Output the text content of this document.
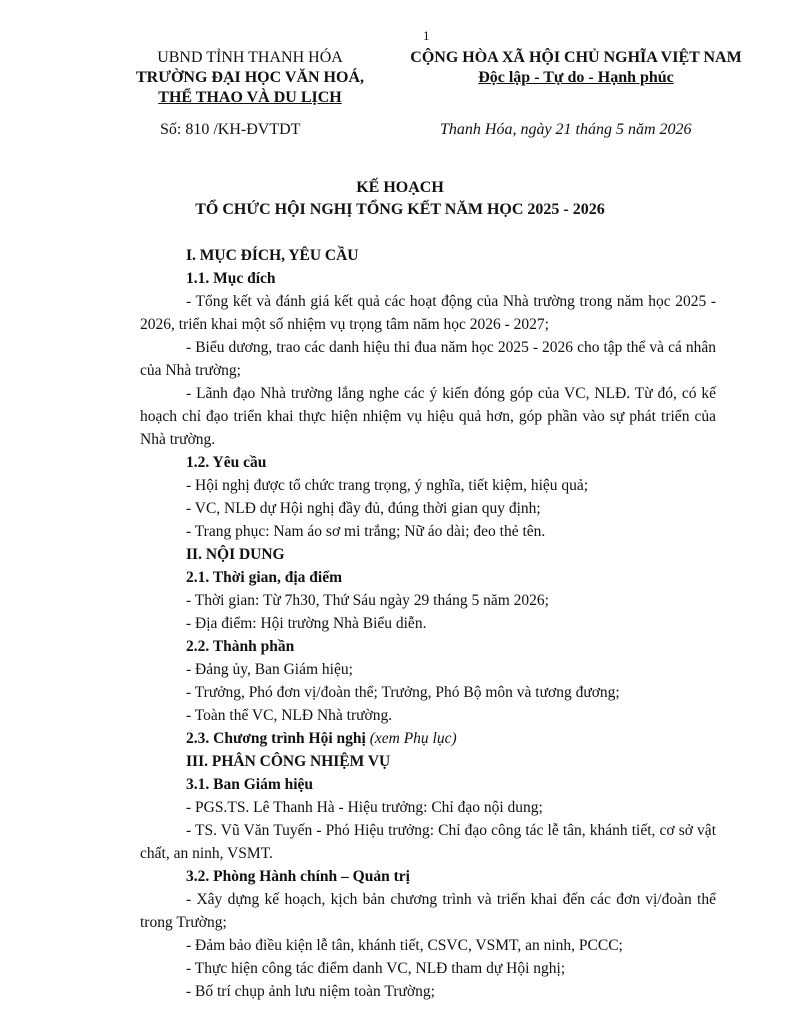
1
UBND TỈNH THANH HÓA
TRƯỜNG ĐẠI HỌC VĂN HOÁ,
THỂ THAO VÀ DU LỊCH
CỘNG HÒA XÃ HỘI CHỦ NGHĨA VIỆT NAM
Độc lập - Tự do - Hạnh phúc
Số: 810 /KH-ĐVTDT	Thanh Hóa, ngày 21 tháng 5 năm 2026
KẾ HOẠCH
TỔ CHỨC HỘI NGHỊ TỔNG KẾT NĂM HỌC 2025 - 2026

I. MỤC ĐÍCH, YÊU CẦU

1.1. Mục đích

- Tổng kết và đánh giá kết quả các hoạt động của Nhà trường trong năm học 2025 - 2026, triển khai một số nhiệm vụ trọng tâm năm học 2026 - 2027;

- Biểu dương, trao các danh hiệu thi đua năm học 2025 - 2026 cho tập thể và cá nhân của Nhà trường;

- Lãnh đạo Nhà trường lắng nghe các ý kiến đóng góp của VC, NLĐ. Từ đó, có kế hoạch chỉ đạo triển khai thực hiện nhiệm vụ hiệu quả hơn, góp phần vào sự phát triển của Nhà trường.

1.2. Yêu cầu

- Hội nghị được tổ chức trang trọng, ý nghĩa, tiết kiệm, hiệu quả;

- VC, NLĐ dự Hội nghị đầy đủ, đúng thời gian quy định;

- Trang phục: Nam áo sơ mi trắng; Nữ áo dài; đeo thẻ tên.

II. NỘI DUNG

2.1. Thời gian, địa điểm

- Thời gian: Từ 7h30, Thứ Sáu ngày 29 tháng 5 năm 2026;

- Địa điểm: Hội trường Nhà Biểu diễn.

2.2. Thành phần

- Đảng ủy, Ban Giám hiệu;

- Trưởng, Phó đơn vị/đoàn thể; Trưởng, Phó Bộ môn và tương đương;

- Toàn thể VC, NLĐ Nhà trường.

2.3. Chương trình Hội nghị (xem Phụ lục)

III. PHÂN CÔNG NHIỆM VỤ

3.1. Ban Giám hiệu

- PGS.TS. Lê Thanh Hà - Hiệu trưởng: Chỉ đạo nội dung;

- TS. Vũ Văn Tuyến - Phó Hiệu trưởng: Chỉ đạo công tác lễ tân, khánh tiết, cơ sở vật chất, an ninh, VSMT.

3.2. Phòng Hành chính – Quản trị

- Xây dựng kế hoạch, kịch bản chương trình và triển khai đến các đơn vị/đoàn thể trong Trường;

- Đảm bảo điều kiện lễ tân, khánh tiết, CSVC, VSMT, an ninh, PCCC;

- Thực hiện công tác điểm danh VC, NLĐ tham dự Hội nghị;

- Bố trí chụp ảnh lưu niệm toàn Trường;
